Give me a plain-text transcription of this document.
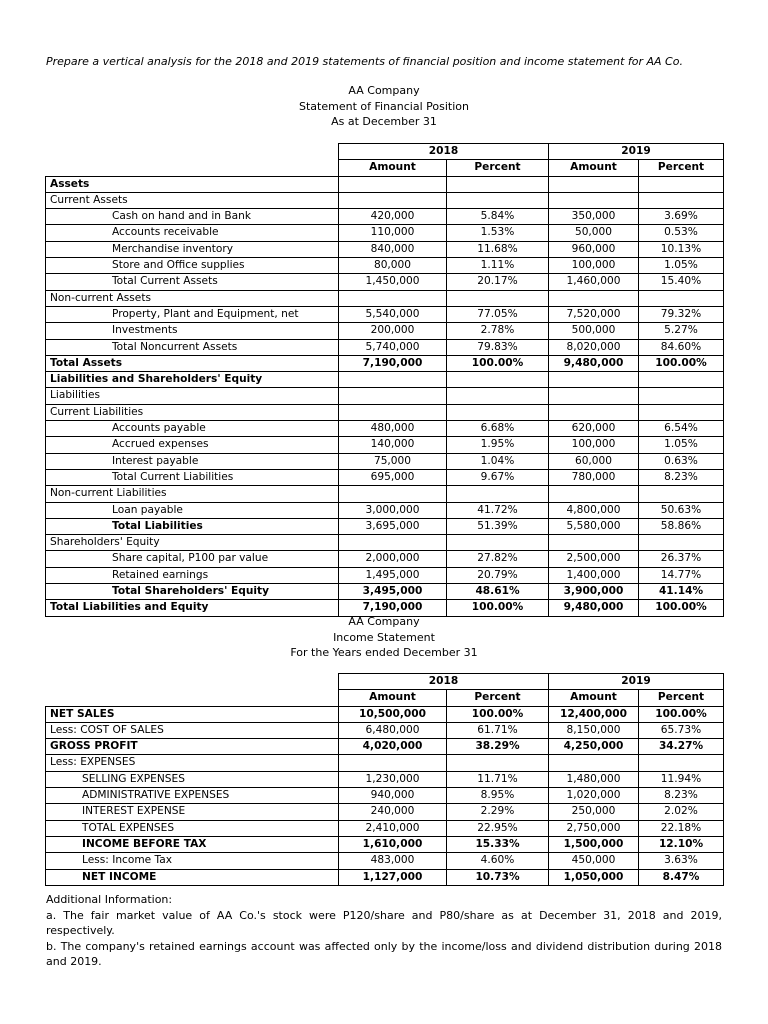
Prepare a vertical analysis for the 2018 and 2019 statements of financial position and income statement for AA Co.
AA Company
Statement of Financial Position
As at December 31
	2018		2019	
	Amount	Percent	Amount	Percent
Assets				
Current Assets				
Cash on hand and in Bank	420,000	5.84%	350,000	3.69%
Accounts receivable	110,000	1.53%	50,000	0.53%
Merchandise inventory	840,000	11.68%	960,000	10.13%
Store and Office supplies	80,000	1.11%	100,000	1.05%
Total Current Assets	1,450,000	20.17%	1,460,000	15.40%
Non-current Assets				
Property, Plant and Equipment, net	5,540,000	77.05%	7,520,000	79.32%
Investments	200,000	2.78%	500,000	5.27%
Total Noncurrent Assets	5,740,000	79.83%	8,020,000	84.60%
Total Assets	7,190,000	100.00%	9,480,000	100.00%
Liabilities and Shareholders' Equity				
Liabilities				
Current Liabilities				
Accounts payable	480,000	6.68%	620,000	6.54%
Accrued expenses	140,000	1.95%	100,000	1.05%
Interest payable	75,000	1.04%	60,000	0.63%
Total Current Liabilities	695,000	9.67%	780,000	8.23%
Non-current Liabilities				
Loan payable	3,000,000	41.72%	4,800,000	50.63%
Total Liabilities	3,695,000	51.39%	5,580,000	58.86%
Shareholders' Equity				
Share capital, P100 par value	2,000,000	27.82%	2,500,000	26.37%
Retained earnings	1,495,000	20.79%	1,400,000	14.77%
Total Shareholders' Equity	3,495,000	48.61%	3,900,000	41.14%
Total Liabilities and Equity	7,190,000	100.00%	9,480,000	100.00%
AA Company
Income Statement
For the Years ended December 31
	2018		2019	
	Amount	Percent	Amount	Percent
NET SALES	10,500,000	100.00%	12,400,000	100.00%
Less: COST OF SALES	6,480,000	61.71%	8,150,000	65.73%
GROSS PROFIT	4,020,000	38.29%	4,250,000	34.27%
Less: EXPENSES				
SELLING EXPENSES	1,230,000	11.71%	1,480,000	11.94%
ADMINISTRATIVE EXPENSES	940,000	8.95%	1,020,000	8.23%
INTEREST EXPENSE	240,000	2.29%	250,000	2.02%
TOTAL EXPENSES	2,410,000	22.95%	2,750,000	22.18%
INCOME BEFORE TAX	1,610,000	15.33%	1,500,000	12.10%
Less: Income Tax	483,000	4.60%	450,000	3.63%
NET INCOME	1,127,000	10.73%	1,050,000	8.47%
Additional Information:
a. The fair market value of AA Co.'s stock were P120/share and P80/share as at December 31, 2018 and 2019, respectively.
b. The company's retained earnings account was affected only by the income/loss and dividend distribution during 2018 and 2019.
